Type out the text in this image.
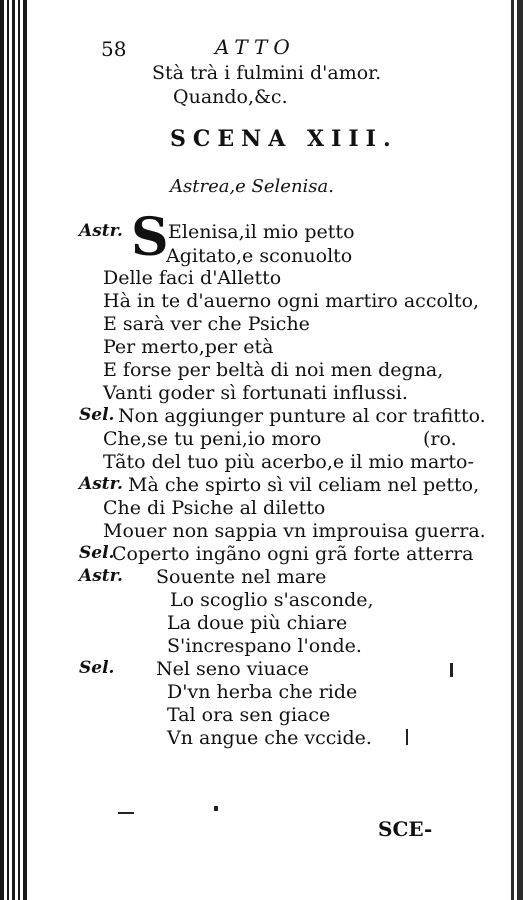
58	ATTO
Stà trà i fulmini d'amor.
Quando,&c.
SCENA XIII.
Astrea,e Selenisa.
Astr. S Elenisa,il mio petto
Agitato,e sconuolto
Delle faci d'Alletto
Hà in te d'auerno ogni martiro accolto,
E sarà ver che Psiche
Per merto,per età
E forse per beltà di noi men degna,
Vanti goder sì fortunati influssi.
Sel. Non aggiunger punture al cor trafitto.
Che,se tu peni,io moro	(ro.
Tãto del tuo più acerbo,e il mio marto-
Astr. Mà che spirto sì vil celiam nel petto,
Che di Psiche al diletto
Mouer non sappia vn improuisa guerra.
Sel.
Coperto ingãno ogni grã forte atterra
Astr. Souente nel mare
Lo scoglio s'asconde,
La doue più chiare
S'increspano l'onde.
Sel. Nel seno viuace
D'vn herba che ride
Tal ora sen giace
Vn angue che vccide.
SCE-
